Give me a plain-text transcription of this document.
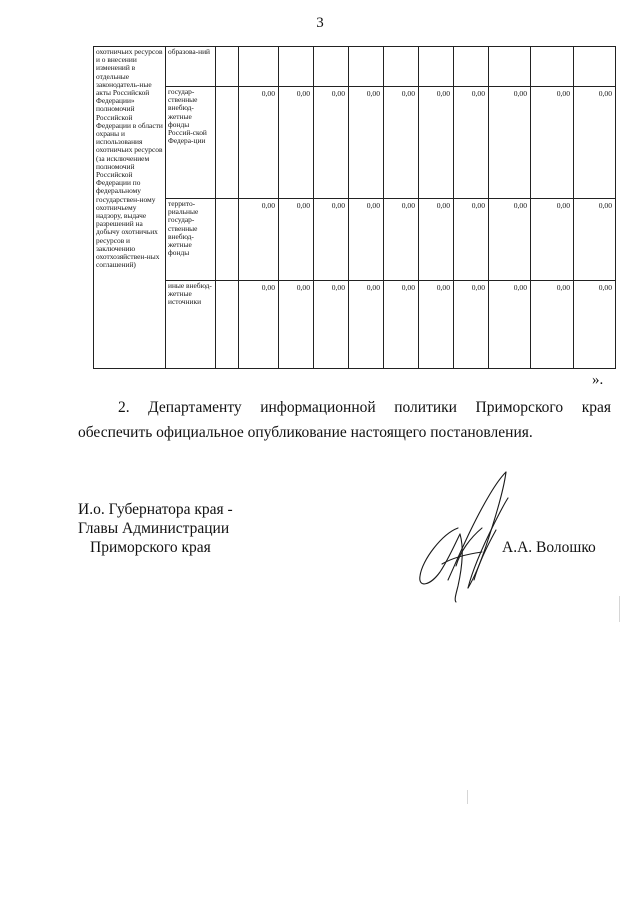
3
охотничьих ресурсов и о внесении изменений в отдельные законодатель-ные акты Российской Федерации» полномочий Российской Федерации в области охраны и использования охотничьих ресурсов (за исключением полномочий Российской Федерации по федеральному государствен-ному охотничьему надзору, выдаче разрешений на добычу охотничьих ресурсов и заключению охотхозяйствен-ных соглашений)	образова-ний											
	государ-ственные внебюд-жетные фонды Россий-ской Федера-ции		0,00	0,00	0,00	0,00	0,00	0,00	0,00	0,00	0,00	0,00
	террито-риальные государ-ственные внебюд-жетные фонды		0,00	0,00	0,00	0,00	0,00	0,00	0,00	0,00	0,00	0,00
	иные внебюд-жетные источники		0,00	0,00	0,00	0,00	0,00	0,00	0,00	0,00	0,00	0,00
».
2. Департаменту информационной политики Приморского края
обеспечить официальное опубликование настоящего постановления.
И.о. Губернатора края -
Главы Администрации
Приморского края	А.А. Волошко
